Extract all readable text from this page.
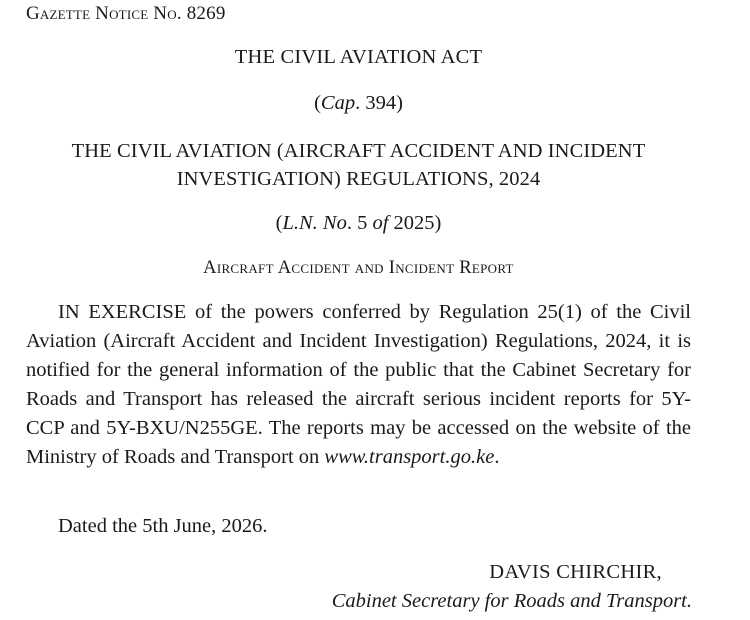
Gazette Notice No. 8269
THE CIVIL AVIATION ACT
(Cap. 394)
THE CIVIL AVIATION (AIRCRAFT ACCIDENT AND INCIDENT INVESTIGATION) REGULATIONS, 2024
(L.N. No. 5 of 2025)
Aircraft Accident and Incident Report
IN EXERCISE of the powers conferred by Regulation 25(1) of the Civil Aviation (Aircraft Accident and Incident Investigation) Regulations, 2024, it is notified for the general information of the public that the Cabinet Secretary for Roads and Transport has released the aircraft serious incident reports for 5Y-CCP and 5Y-BXU/N255GE. The reports may be accessed on the website of the Ministry of Roads and Transport on www.transport.go.ke.
Dated the 5th June, 2026.
DAVIS CHIRCHIR,
Cabinet Secretary for Roads and Transport.
